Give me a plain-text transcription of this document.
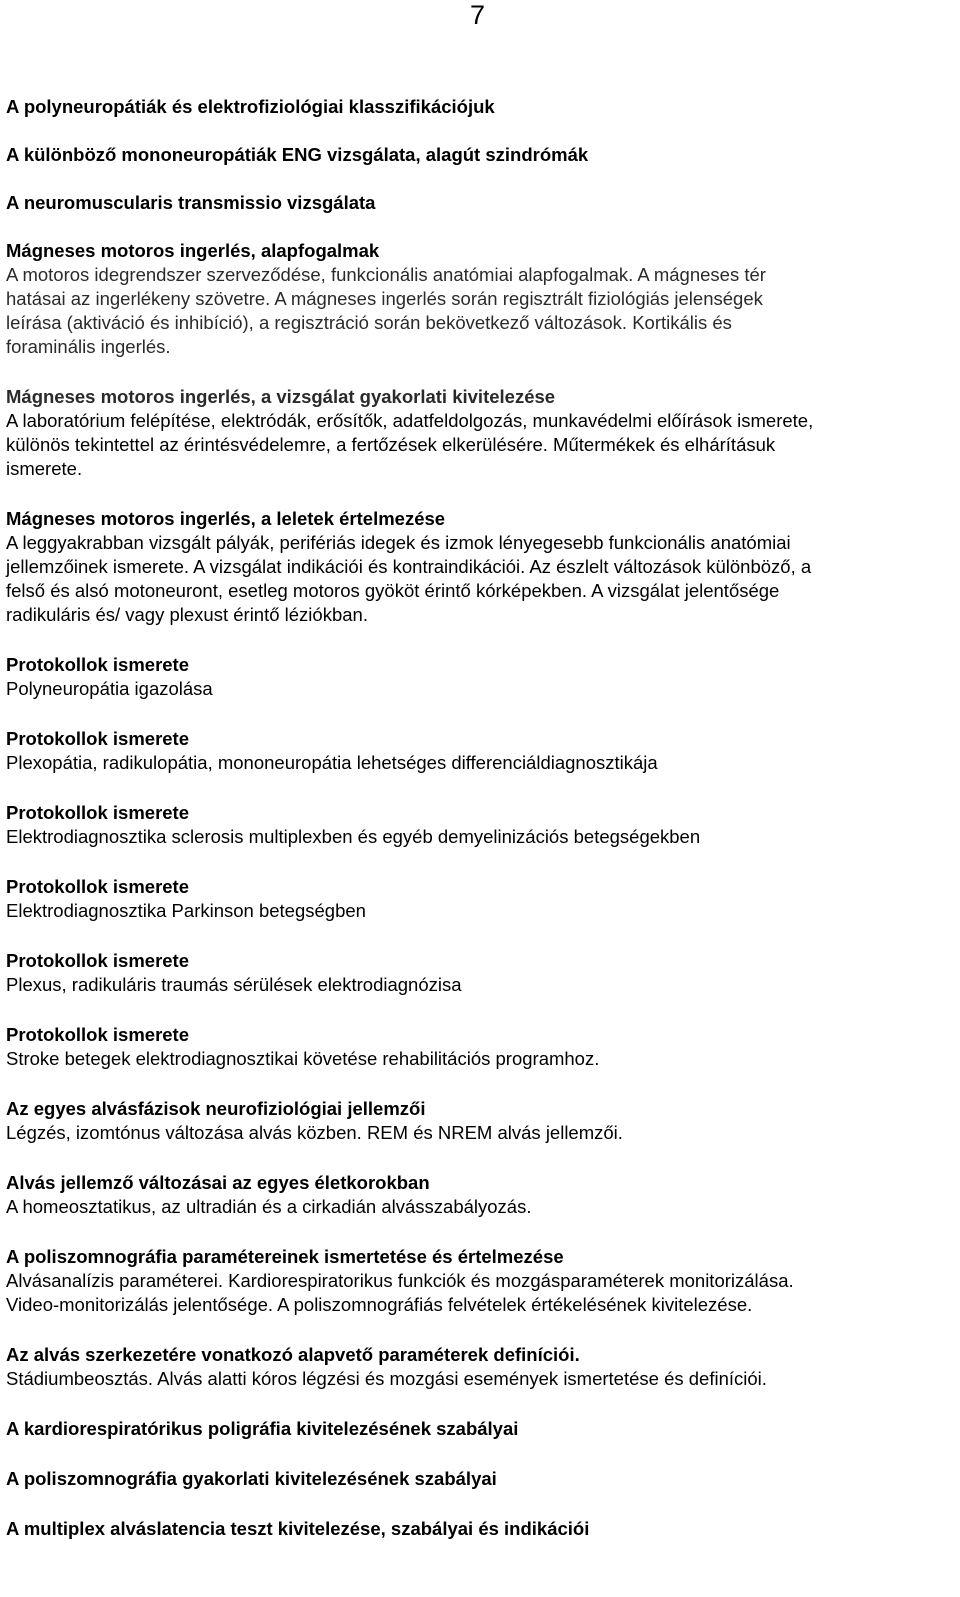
7
A polyneuropátiák és elektrofiziológiai klasszifikációjuk
A különböző mononeuropátiák ENG vizsgálata, alagút szindrómák
A neuromuscularis transmissio vizsgálata
Mágneses motoros ingerlés, alapfogalmak
A motoros idegrendszer szerveződése, funkcionális anatómiai alapfogalmak. A mágneses tér
hatásai az ingerlékeny szövetre. A mágneses ingerlés során regisztrált fiziológiás jelenségek
leírása (aktiváció és inhibíció), a regisztráció során bekövetkező változások. Kortikális és
foraminális ingerlés.
Mágneses motoros ingerlés, a vizsgálat gyakorlati kivitelezése
A laboratórium felépítése, elektródák, erősítők, adatfeldolgozás, munkavédelmi előírások ismerete,
különös tekintettel az érintésvédelemre, a fertőzések elkerülésére. Műtermékek és elhárításuk
ismerete.
Mágneses motoros ingerlés, a leletek értelmezése
A leggyakrabban vizsgált pályák, perifériás idegek és izmok lényegesebb funkcionális anatómiai
jellemzőinek ismerete. A vizsgálat indikációi és kontraindikációi. Az észlelt változások különböző, a
felső és alsó motoneuront, esetleg motoros gyököt érintő kórképekben. A vizsgálat jelentősége
radikuláris és/ vagy plexust érintő léziókban.
Protokollok ismerete
Polyneuropátia igazolása
Protokollok ismerete
Plexopátia, radikulopátia, mononeuropátia lehetséges differenciáldiagnosztikája
Protokollok ismerete
Elektrodiagnosztika sclerosis multiplexben és egyéb demyelinizációs betegségekben
Protokollok ismerete
Elektrodiagnosztika Parkinson betegségben
Protokollok ismerete
Plexus, radikuláris traumás sérülések elektrodiagnózisa
Protokollok ismerete
Stroke betegek elektrodiagnosztikai követése rehabilitációs programhoz.
Az egyes alvásfázisok neurofiziológiai jellemzői
Légzés, izomtónus változása alvás közben. REM és NREM alvás jellemzői.
Alvás jellemző változásai az egyes életkorokban
A homeosztatikus, az ultradián és a cirkadián alvásszabályozás.
A poliszomnográfia paramétereinek ismertetése és értelmezése
Alvásanalízis paraméterei. Kardiorespiratorikus funkciók és mozgásparaméterek monitorizálása.
Video-monitorizálás jelentősége. A poliszomnográfiás felvételek értékelésének kivitelezése.
Az alvás szerkezetére vonatkozó alapvető paraméterek definíciói.
Stádiumbeosztás. Alvás alatti kóros légzési és mozgási események ismertetése és definíciói.
A kardiorespiratórikus poligráfia kivitelezésének szabályai
A poliszomnográfia gyakorlati kivitelezésének szabályai
A multiplex alváslatencia teszt kivitelezése, szabályai és indikációi
